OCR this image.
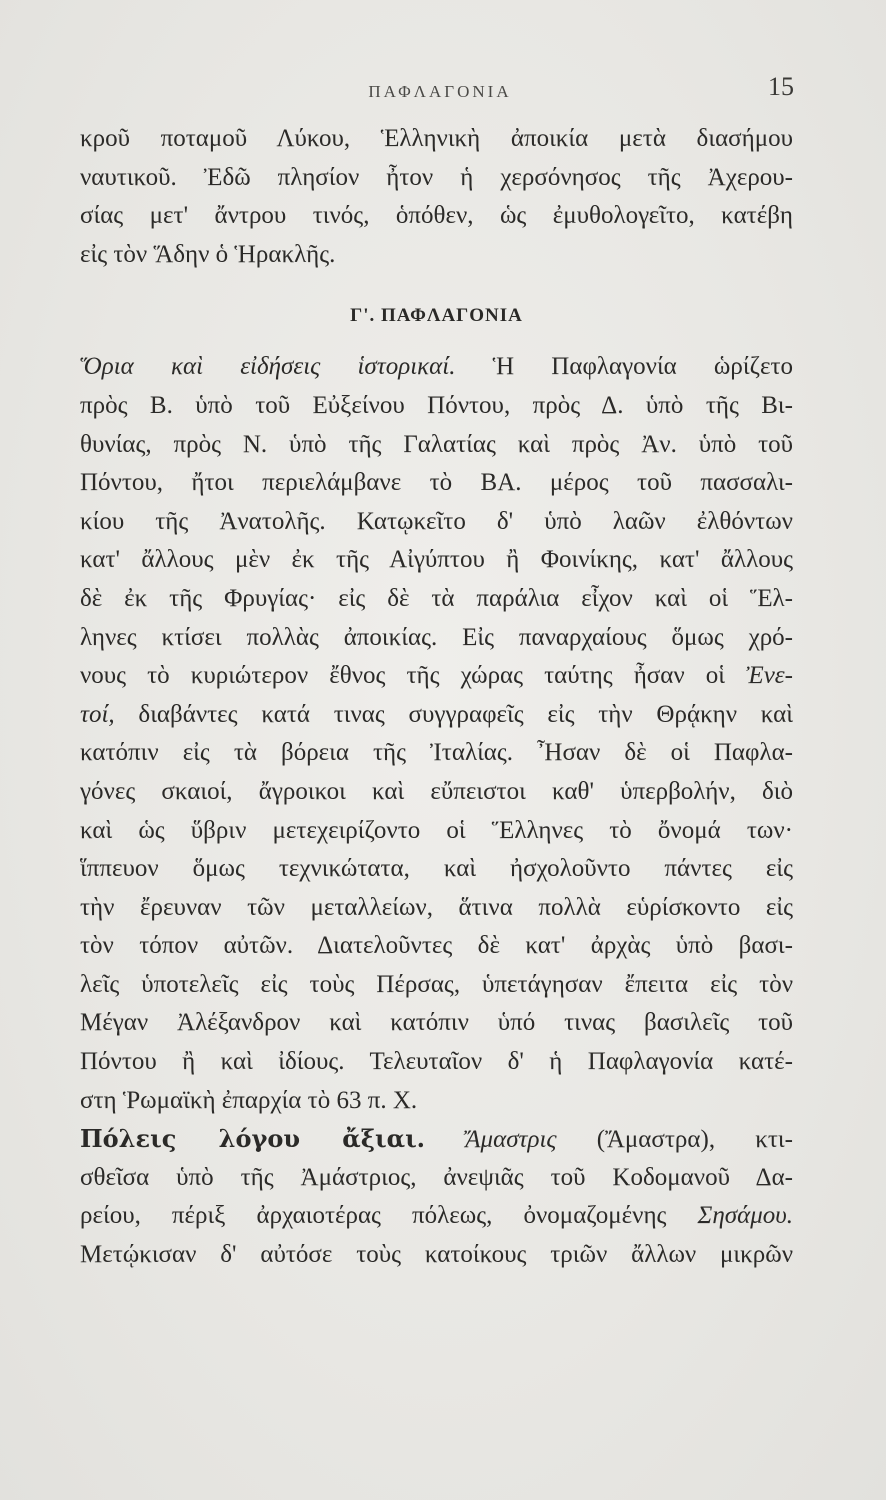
ΠΑΦΛΑΓΟΝΙΑ	15
κροῦ ποταμοῦ Λύκου, Ἑλληνικὴ ἀποικία μετὰ διασήμου
ναυτικοῦ. Ἐδῶ πλησίον ἦτον ἡ χερσόνησος τῆς Ἀχερου-
σίας μετ' ἄντρου τινός, ὁπόθεν, ὡς ἐμυθολογεῖτο, κατέβη
εἰς τὸν Ἅδην ὁ Ἡρακλῆς.
Γ'. ΠΑΦΛΑΓΟΝΙΑ
Ὅρια καὶ εἰδήσεις ἱστορικαί. Ἡ Παφλαγονία ὡρίζετο
πρὸς Β. ὑπὸ τοῦ Εὐξείνου Πόντου, πρὸς Δ. ὑπὸ τῆς Βι-
θυνίας, πρὸς Ν. ὑπὸ τῆς Γαλατίας καὶ πρὸς Ἀν. ὑπὸ τοῦ
Πόντου, ἤτοι περιελάμβανε τὸ ΒΑ. μέρος τοῦ πασσαλι-
κίου τῆς Ἀνατολῆς. Κατῳκεῖτο δ' ὑπὸ λαῶν ἐλθόντων
κατ' ἄλλους μὲν ἐκ τῆς Αἰγύπτου ἢ Φοινίκης, κατ' ἄλλους
δὲ ἐκ τῆς Φρυγίας· εἰς δὲ τὰ παράλια εἶχον καὶ οἱ Ἕλ-
ληνες κτίσει πολλὰς ἀποικίας. Εἰς παναρχαίους ὅμως χρό-
νους τὸ κυριώτερον ἔθνος τῆς χώρας ταύτης ἦσαν οἱ Ἐνε-
τοί, διαβάντες κατά τινας συγγραφεῖς εἰς τὴν Θρᾴκην καὶ
κατόπιν εἰς τὰ βόρεια τῆς Ἰταλίας. Ἦσαν δὲ οἱ Παφλα-
γόνες σκαιοί, ἄγροικοι καὶ εὔπειστοι καθ' ὑπερβολήν, διὸ
καὶ ὡς ὕβριν μετεχειρίζοντο οἱ Ἕλληνες τὸ ὄνομά των·
ἵππευον ὅμως τεχνικώτατα, καὶ ἠσχολοῦντο πάντες εἰς
τὴν ἔρευναν τῶν μεταλλείων, ἅτινα πολλὰ εὑρίσκοντο εἰς
τὸν τόπον αὐτῶν. Διατελοῦντες δὲ κατ' ἀρχὰς ὑπὸ βασι-
λεῖς ὑποτελεῖς εἰς τοὺς Πέρσας, ὑπετάγησαν ἔπειτα εἰς τὸν
Μέγαν Ἀλέξανδρον καὶ κατόπιν ὑπό τινας βασιλεῖς τοῦ
Πόντου ἢ καὶ ἰδίους. Τελευταῖον δ' ἡ Παφλαγονία κατέ-
στη Ῥωμαϊκὴ ἐπαρχία τὸ 63 π. Χ.
Πόλεις λόγου ἄξιαι. Ἄμαστρις (Ἄμαστρα), κτι-
σθεῖσα ὑπὸ τῆς Ἀμάστριος, ἀνεψιᾶς τοῦ Κοδομανοῦ Δα-
ρείου, πέριξ ἀρχαιοτέρας πόλεως, ὀνομαζομένης Σησάμου.
Μετῴκισαν δ' αὐτόσε τοὺς κατοίκους τριῶν ἄλλων μικρῶν
